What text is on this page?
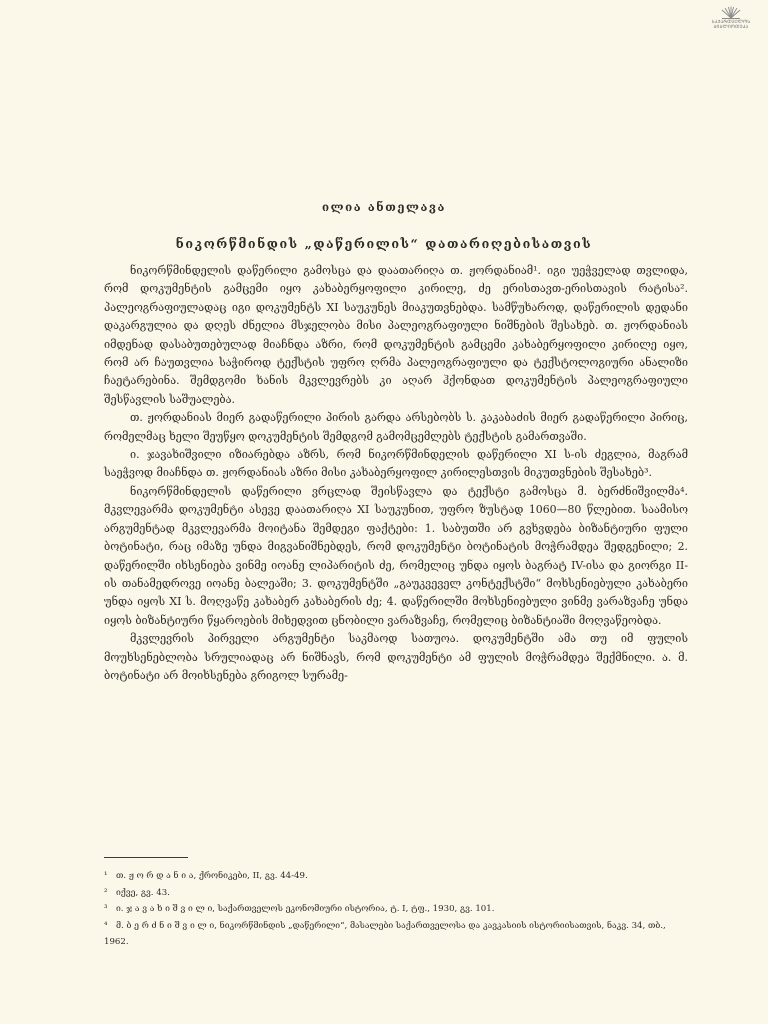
ᲡᲐᲥᲐᲠᲗᲕᲔᲚᲝᲡ
ᲑᲘᲑᲚᲘᲝᲗᲔᲙᲐ
ილია ანთელავა
ნიკორწმინდის „დაწერილის“ დათარიღებისათვის

ნიკორწმინდელის დაწერილი გამოსცა და დაათარიღა თ. ჟორდანიამ¹. იგი უეჭველად თვლიდა, რომ დოკუმენტის გამცემი იყო კახაბერყოფილი კირილე, ძე ერისთავთ-ერისთავის რატისა². პალეოგრაფიულადაც იგი დოკუმენტს XI საუკუნეს მიაკუთვნებდა. სამწუხაროდ, დაწერილის დედანი დაკარგულია და დღეს ძნელია მსჯელობა მისი პალეოგრაფიული ნიშნების შესახებ. თ. ჟორდანიას იმდენად დასაბუთებულად მიაჩნდა აზრი, რომ დოკუმენტის გამცემი კახაბერყოფილი კირილე იყო, რომ არ ჩაუთვლია საჭიროდ ტექსტის უფრო ღრმა პალეოგრაფიული და ტექსტოლოგიური ანალიზი ჩაეტარებინა. შემდგომი ხანის მკვლევრებს კი აღარ ჰქონდათ დოკუმენტის პალეოგრაფიული შესწავლის საშუალება.

თ. ჟორდანიას მიერ გადაწერილი პირის გარდა არსებობს ს. კაკაბაძის მიერ გადაწერილი პირიც, რომელმაც ხელი შეუწყო დოკუმენტის შემდგომ გამომცემლებს ტექსტის გამართვაში.

ი. ჯავახიშვილი იზიარებდა აზრს, რომ ნიკორწმინდელის დაწერილი XI ს-ის ძეგლია, მაგრამ საეჭვოდ მიაჩნდა თ. ჟორდანიას აზრი მისი კახაბერყოფილ კირილესთვის მიკუთვნების შესახებ³.

ნიკორწმინდელის დაწერილი ვრცლად შეისწავლა და ტექსტი გამოსცა მ. ბერძნიშვილმა⁴. მკვლევარმა დოკუმენტი ასევე დაათარიღა XI საუკუნით, უფრო ზუსტად 1060—80 წლებით. საამისო არგუმენტად მკვლევარმა მოიტანა შემდეგი ფაქტები: 1. საბუთში არ გვხვდება ბიზანტიური ფული ბოტინატი, რაც იმაზე უნდა მიგვანიშნებდეს, რომ დოკუმენტი ბოტინატის მოჭრამდეა შედგენილი; 2. დაწერილში იხსენიება ვინმე იოანე ლიპარიტის ძე, რომელიც უნდა იყოს ბაგრატ IV-ისა და გიორგი II-ის თანამედროვე იოანე ბალეაში; 3. დოკუმენტში „გაუკვეველ კონტექსტში“ მოხსენიებული კახაბერი უნდა იყოს XI ს. მოღვაწე კახაბერ კახაბერის ძე; 4. დაწერილში მოხსენიებული ვინმე ვარაზვაჩე უნდა იყოს ბიზანტიური წყაროების მიხედვით ცნობილი ვარაზვაჩე, რომელიც ბიზანტიაში მოღვაწეობდა.

მკვლევრის პირველი არგუმენტი საკმაოდ სათუოა. დოკუმენტში ამა თუ იმ ფულის მოუხსენებლობა სრულიადაც არ ნიშნავს, რომ დოკუმენტი ამ ფულის მოჭრამდეა შექმნილი. ა. მ. ბოტინატი არ მოიხსენება გრიგოლ სურამე-

¹ თ. ჟ ო რ დ ა ნ ი ა, ქრონიკები, II, გვ. 44-49.

² იქვე, გვ. 43.

³ ი. ჯ ა ვ ა ხ ი შ ვ ი ლ ი, საქართველოს ეკონომიური ისტორია, ტ. I, ტფ., 1930, გვ. 101.

⁴ მ. ბ ე რ ძ ნ ი შ ვ ი ლ ი, ნიკორწმინდის „დაწერილი“, მასალები საქართველოსა და კავკასიის ისტორიისათვის, ნაკვ. 34, თბ., 1962.
